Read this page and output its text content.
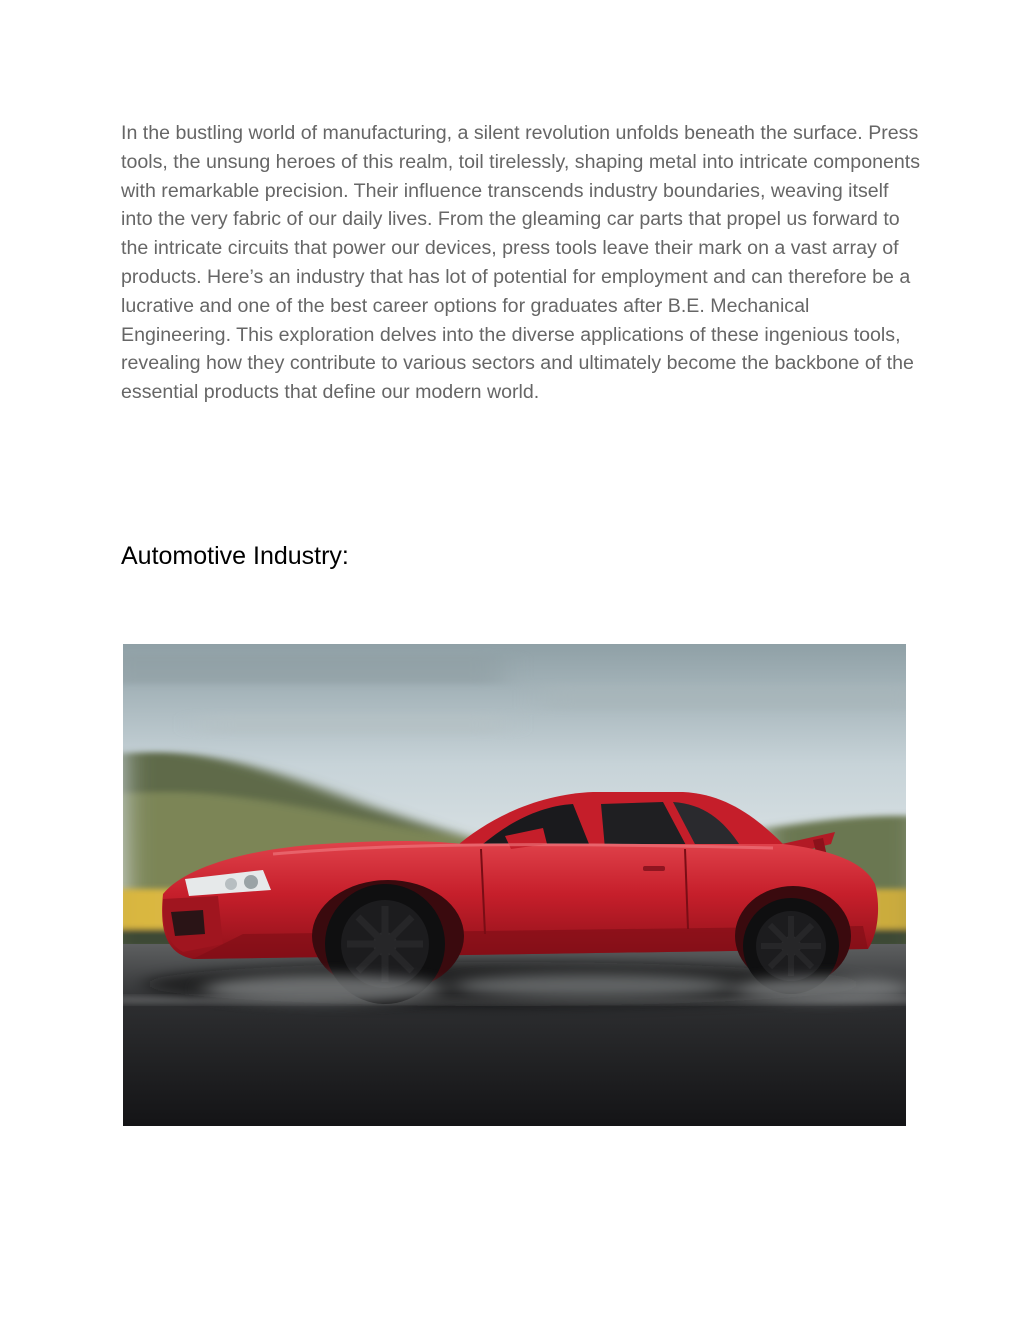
In the bustling world of manufacturing, a silent revolution unfolds beneath the surface. Press tools, the unsung heroes of this realm, toil tirelessly, shaping metal into intricate components with remarkable precision. Their influence transcends industry boundaries, weaving itself into the very fabric of our daily lives. From the gleaming car parts that propel us forward to the intricate circuits that power our devices, press tools leave their mark on a vast array of products. Here’s an industry that has lot of potential for employment and can therefore be a lucrative and one of the best career options for graduates after B.E. Mechanical Engineering. This exploration delves into the diverse applications of these ingenious tools, revealing how they contribute to various sectors and ultimately become the backbone of the essential products that define our modern world.

Automotive Industry:
